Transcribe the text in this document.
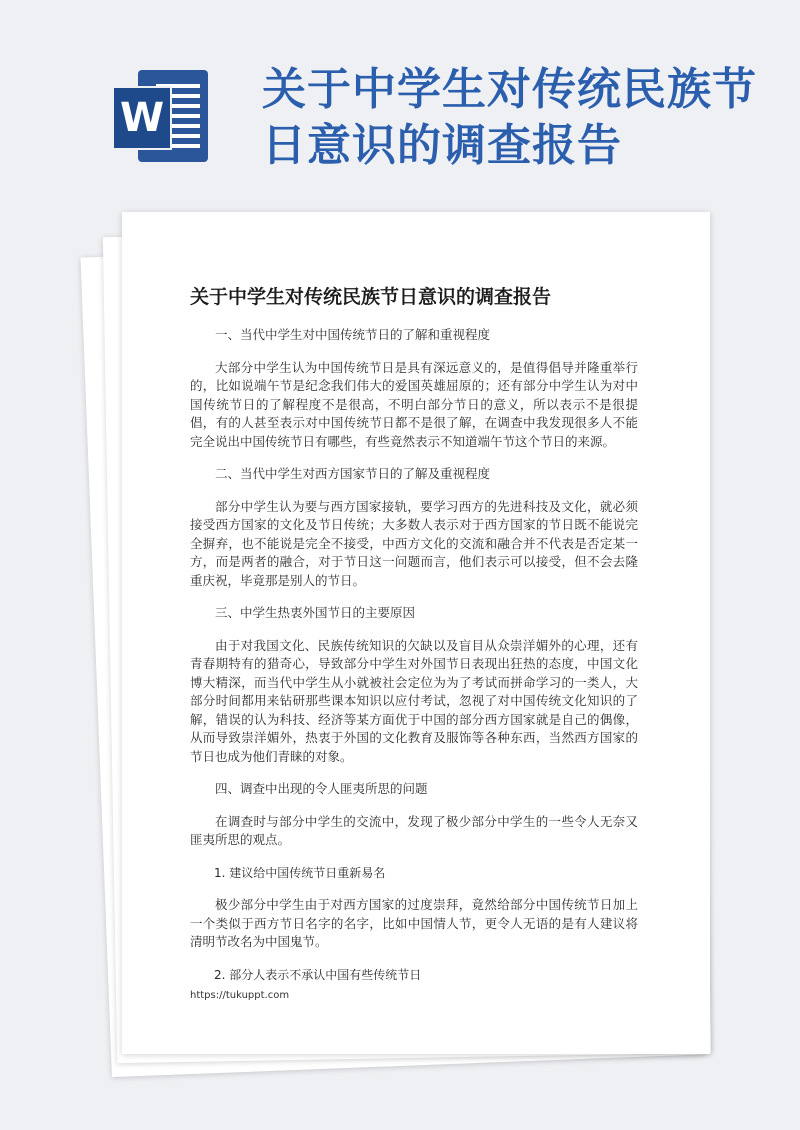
W
关于中学生对传统民族节日意识的调查报告
关于中学生对传统民族节日意识的调查报告

一、当代中学生对中国传统节日的了解和重视程度

大部分中学生认为中国传统节日是具有深远意义的，是值得倡导并隆重举行的，比如说端午节是纪念我们伟大的爱国英雄屈原的；还有部分中学生认为对中国传统节日的了解程度不是很高，不明白部分节日的意义，所以表示不是很提倡，有的人甚至表示对中国传统节日都不是很了解，在调查中我发现很多人不能完全说出中国传统节日有哪些，有些竟然表示不知道端午节这个节日的来源。

二、当代中学生对西方国家节日的了解及重视程度

部分中学生认为要与西方国家接轨，要学习西方的先进科技及文化，就必须接受西方国家的文化及节日传统；大多数人表示对于西方国家的节日既不能说完全摒弃，也不能说是完全不接受，中西方文化的交流和融合并不代表是否定某一方，而是两者的融合，对于节日这一问题而言，他们表示可以接受，但不会去隆重庆祝，毕竟那是别人的节日。

三、中学生热衷外国节日的主要原因

由于对我国文化、民族传统知识的欠缺以及盲目从众崇洋媚外的心理，还有青春期特有的猎奇心，导致部分中学生对外国节日表现出狂热的态度，中国文化博大精深，而当代中学生从小就被社会定位为为了考试而拼命学习的一类人，大部分时间都用来钻研那些课本知识以应付考试，忽视了对中国传统文化知识的了解，错误的认为科技、经济等某方面优于中国的部分西方国家就是自己的偶像，从而导致崇洋媚外，热衷于外国的文化教育及服饰等各种东西，当然西方国家的节日也成为他们青睐的对象。

四、调查中出现的令人匪夷所思的问题

在调查时与部分中学生的交流中，发现了极少部分中学生的一些令人无奈又匪夷所思的观点。

1. 建议给中国传统节日重新易名

极少部分中学生由于对西方国家的过度崇拜，竟然给部分中国传统节日加上一个类似于西方节日名字的名字，比如中国情人节，更令人无语的是有人建议将清明节改名为中国鬼节。

2. 部分人表示不承认中国有些传统节日

https://tukuppt.com
